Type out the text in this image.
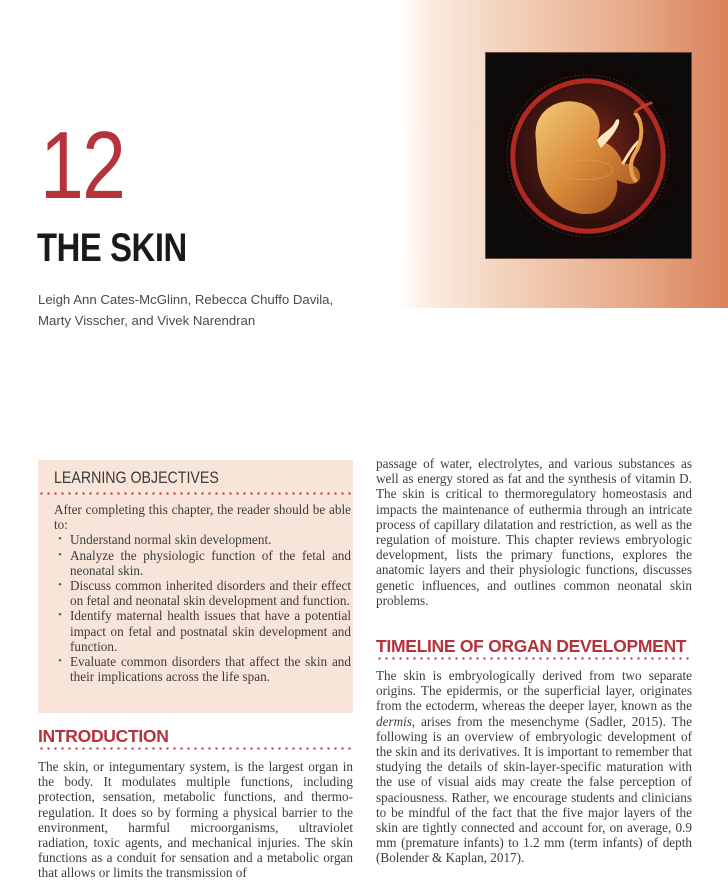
12
THE SKIN
Leigh Ann Cates-McGlinn, Rebecca Chuffo Davila,
Marty Visscher, and Vivek Narendran
LEARNING OBJECTIVES

After completing this chapter, the reader should be able to:

• Understand normal skin development.
• Analyze the physiologic function of the fetal and neonatal skin.
• Discuss common inherited disorders and their effect on fetal and neonatal skin development and function.
• Identify maternal health issues that have a potential impact on fetal and postnatal skin development and function.
• Evaluate common disorders that affect the skin and their implications across the life span.
INTRODUCTION

The skin, or integumentary system, is the largest organ in the body. It modulates multiple functions, including protection, sensation, metabolic functions, and thermoregulation. It does so by forming a physical barrier to the environment, harmful microorganisms, ultraviolet radiation, toxic agents, and mechanical injuries. The skin functions as a conduit for sensation and a metabolic organ that allows or limits the transmission of

passage of water, electrolytes, and various substances as well as energy stored as fat and the synthesis of vitamin D. The skin is critical to thermoregulatory homeostasis and impacts the maintenance of euthermia through an intricate process of capillary dilatation and restriction, as well as the regulation of moisture. This chapter reviews embryologic development, lists the primary functions, explores the anatomic layers and their physiologic functions, discusses genetic influences, and outlines common neonatal skin problems.

TIMELINE OF ORGAN DEVELOPMENT

The skin is embryologically derived from two separate origins. The epidermis, or the superficial layer, originates from the ectoderm, whereas the deeper layer, known as the dermis, arises from the mesenchyme (Sadler, 2015). The following is an overview of embryologic development of the skin and its derivatives. It is important to remember that studying the details of skin-layer-specific maturation with the use of visual aids may create the false perception of spaciousness. Rather, we encourage students and clinicians to be mindful of the fact that the five major layers of the skin are tightly connected and account for, on average, 0.9 mm (premature infants) to 1.2 mm (term infants) of depth (Bolender & Kaplan, 2017).
